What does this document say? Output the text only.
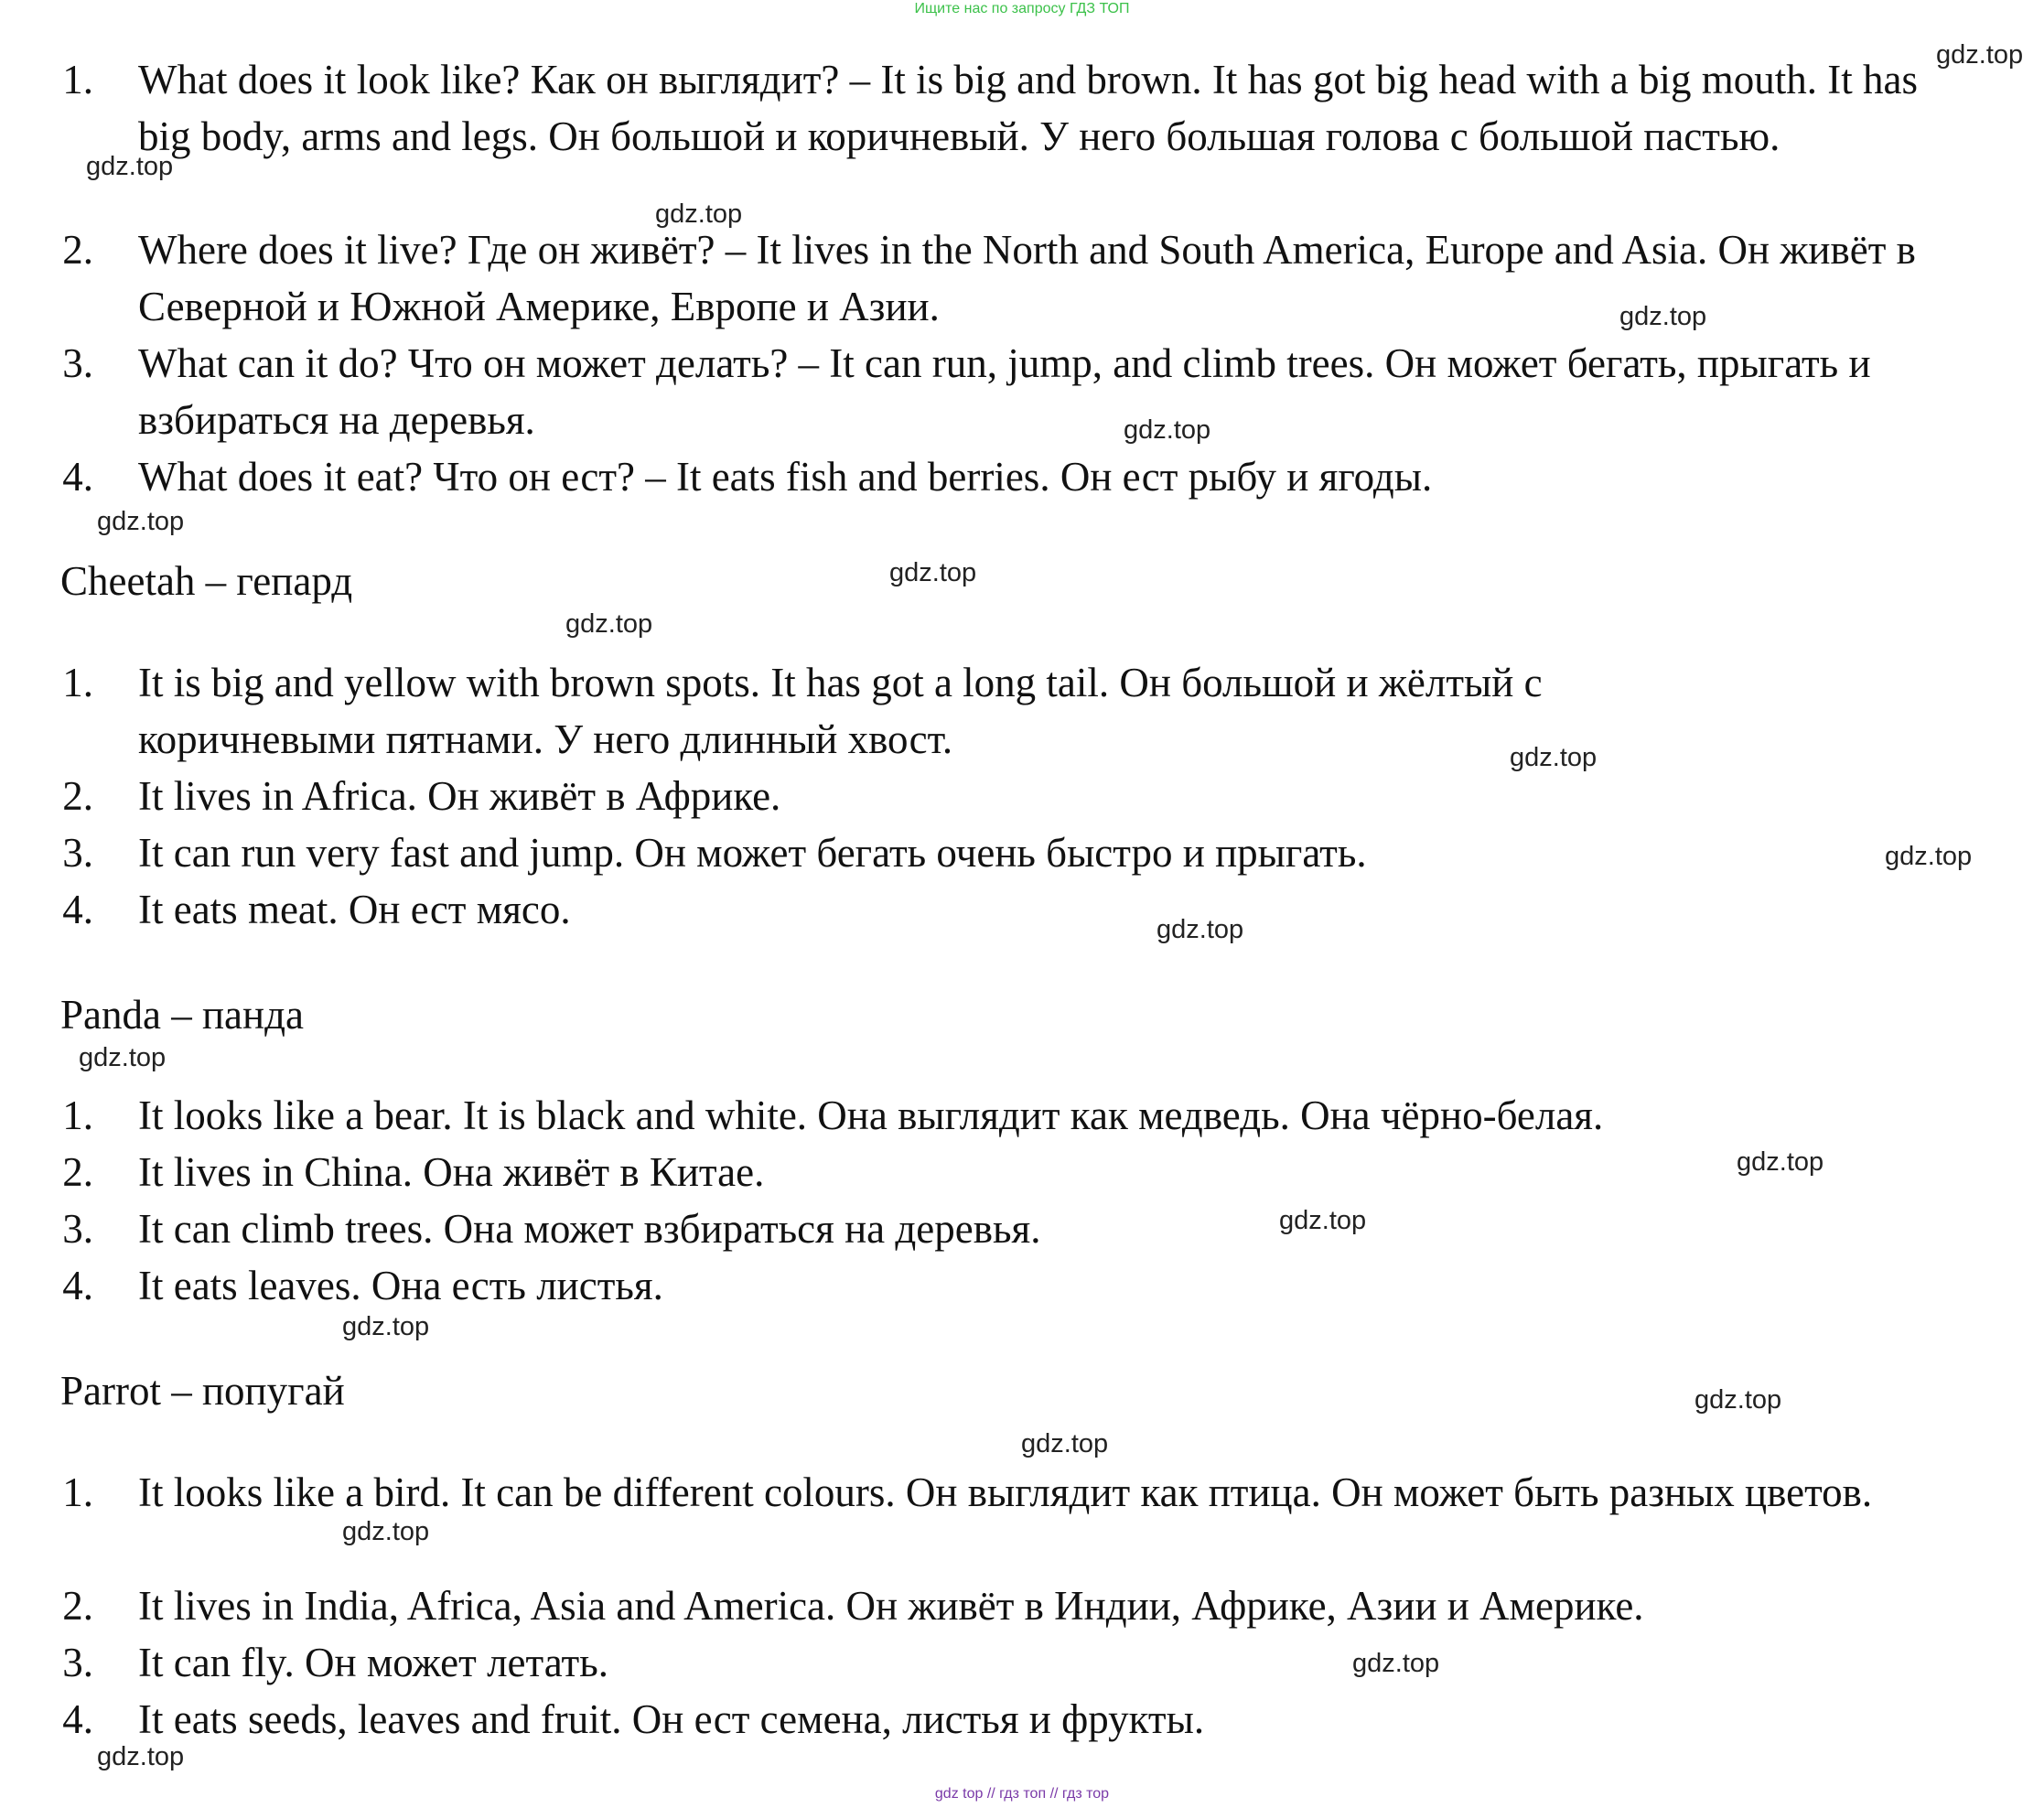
Ищите нас по запросу ГДЗ ТОП
1.	What does it look like? Как он выглядит? – It is big and brown. It has got big head with a big mouth. It has big body, arms and legs. Он большой и коричневый. У него большая голова с большой пастью.
2.	Where does it live? Где он живёт? – It lives in the North and South America, Europe and Asia. Он живёт в Северной и Южной Америке, Европе и Азии.
3.	What can it do? Что он может делать? – It can run, jump, and climb trees. Он может бегать, прыгать и взбираться на деревья.
4.	What does it eat? Что он ест? – It eats fish and berries. Он ест рыбу и ягоды.
Cheetah – гепард
1.	It is big and yellow with brown spots. It has got a long tail. Он большой и жёлтый с коричневыми пятнами. У него длинный хвост.
2.	It lives in Africa. Он живёт в Африке.
3.	It can run very fast and jump. Он может бегать очень быстро и прыгать.
4.	It eats meat. Он ест мясо.
Panda – панда
1.	It looks like a bear. It is black and white. Она выглядит как медведь. Она чёрно-белая.
2.	It lives in China. Она живёт в Китае.
3.	It can climb trees. Она может взбираться на деревья.
4.	It eats leaves. Она есть листья.
Parrot – попугай
1.	It looks like a bird. It can be different colours. Он выглядит как птица. Он может быть разных цветов.
2.	It lives in India, Africa, Asia and America. Он живёт в Индии, Африке, Азии и Америке.
3.	It can fly. Он может летать.
4.	It eats seeds, leaves and fruit. Он ест семена, листья и фрукты.
gdz.top
gdz.top
gdz.top
gdz.top
gdz.top
gdz.top
gdz.top
gdz.top
gdz.top
gdz.top
gdz.top
gdz.top
gdz.top
gdz.top
gdz.top
gdz.top
gdz.top
gdz.top
gdz.top
gdz.top
gdz top // гдз топ // гдз тор
